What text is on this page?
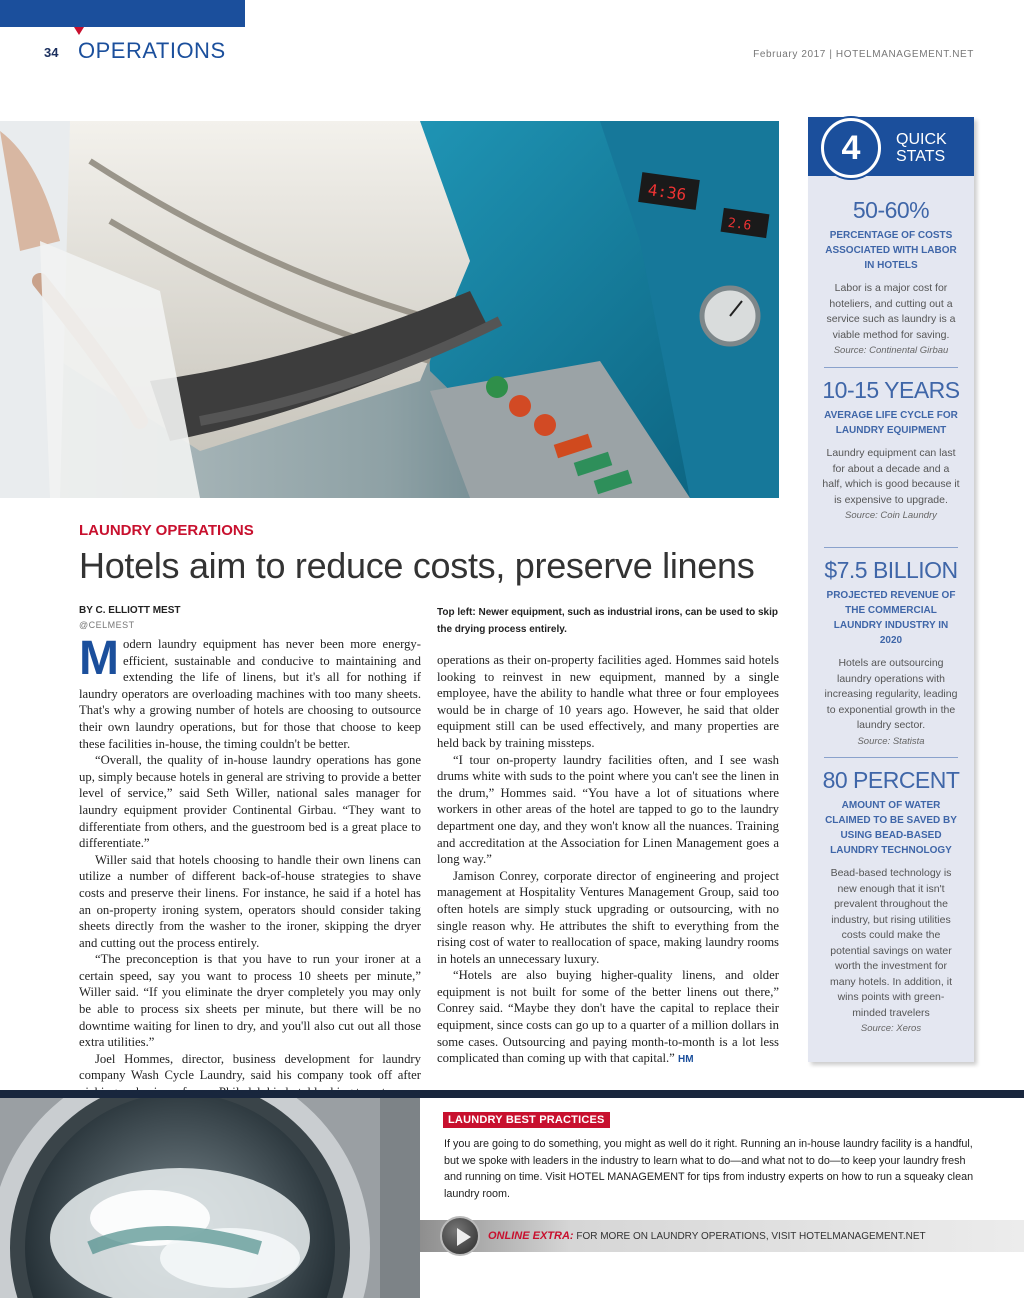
34 OPERATIONS	February 2017 | HOTELMANAGEMENT.NET
4:36
2.6
4	QUICK
STATS
50-60%
PERCENTAGE OF COSTS ASSOCIATED WITH LABOR IN HOTELS
Labor is a major cost for hoteliers, and cutting out a service such as laundry is a viable method for saving.
Source: Continental Girbau
10-15 YEARS
AVERAGE LIFE CYCLE FOR LAUNDRY EQUIPMENT
Laundry equipment can last for about a decade and a half, which is good because it is expensive to upgrade.
Source: Coin Laundry
$7.5 BILLION
PROJECTED REVENUE OF THE COMMERCIAL LAUNDRY INDUSTRY IN 2020
Hotels are outsourcing laundry operations with increasing regularity, leading to exponential growth in the laundry sector.
Source: Statista
80 PERCENT
AMOUNT OF WATER CLAIMED TO BE SAVED BY USING BEAD-BASED LAUNDRY TECHNOLOGY
Bead-based technology is new enough that it isn't prevalent throughout the industry, but rising utilities costs could make the potential savings on water worth the investment for many hotels. In addition, it wins points with green-minded travelers
Source: Xeros
LAUNDRY OPERATIONS
Hotels aim to reduce costs, preserve linens
BY C. ELLIOTT MEST
@CELMEST
Top left: Newer equipment, such as industrial irons, can be used to skip the drying process entirely.

Modern laundry equipment has never been more energy-efficient, sustainable and conducive to maintaining and extending the life of linens, but it's all for nothing if laundry operators are overloading machines with too many sheets. That's why a growing number of hotels are choosing to outsource their own laundry operations, but for those that choose to keep these facilities in-house, the timing couldn't be better.

“Overall, the quality of in-house laundry operations has gone up, simply because hotels in general are striving to provide a better level of service,” said Seth Willer, national sales manager for laundry equipment provider Continental Girbau. “They want to differentiate from others, and the guestroom bed is a great place to differentiate.”

Willer said that hotels choosing to handle their own linens can utilize a number of different back-of-house strategies to shave costs and preserve their linens. For instance, he said if a hotel has an on-property ironing system, operators should consider taking sheets directly from the washer to the ironer, skipping the dryer and cutting out the process entirely.

“The preconception is that you have to run your ironer at a certain speed, say you want to process 10 sheets per minute,” Willer said. “If you eliminate the dryer completely you may only be able to process six sheets per minute, but there will be no downtime waiting for linen to dry, and you'll also cut out all those extra utilities.”

Joel Hommes, director, business development for laundry company Wash Cycle Laundry, said his company took off after

operations as their on-property facilities aged. Hommes said hotels looking to reinvest in new equipment, manned by a single employee, have the ability to handle what three or four employees would be in charge of 10 years ago. However, he said that older equipment still can be used effectively, and many properties are held back by training missteps.

“I tour on-property laundry facilities often, and I see wash drums white with suds to the point where you can't see the linen in the drum,” Hommes said. “You have a lot of situations where workers in other areas of the hotel are tapped to go to the laundry department one day, and they won't know all the nuances. Training and accreditation at the Association for Linen Management goes a long way.”

Jamison Conrey, corporate director of engineering and project management at Hospitality Ventures Management Group, said too often hotels are simply stuck upgrading or outsourcing, with no single reason why. He attributes the shift to everything from the rising cost of water to reallocation of space, making laundry rooms in hotels an unnecessary luxury.

“Hotels are also buying higher-quality linens, and older equipment is not built for some of the better linens out there,” Conrey said. “Maybe they don't have the capital to replace their equipment, since costs can go up to a quarter of a million dollars in some cases. Outsourcing and paying month-to-month is a lot less complicated than coming up with that capital.” HM

LAUNDRY BEST PRACTICES
If you are going to do something, you might as well do it right. Running an in-house laundry facility is a handful, but we spoke with leaders in the industry to learn what to do—and what not to do—to keep your laundry fresh and running on time. Visit HOTEL MANAGEMENT for tips from industry experts on how to run a squeaky clean laundry room.
ONLINE EXTRA: FOR MORE ON LAUNDRY OPERATIONS, VISIT HOTELMANAGEMENT.NET
